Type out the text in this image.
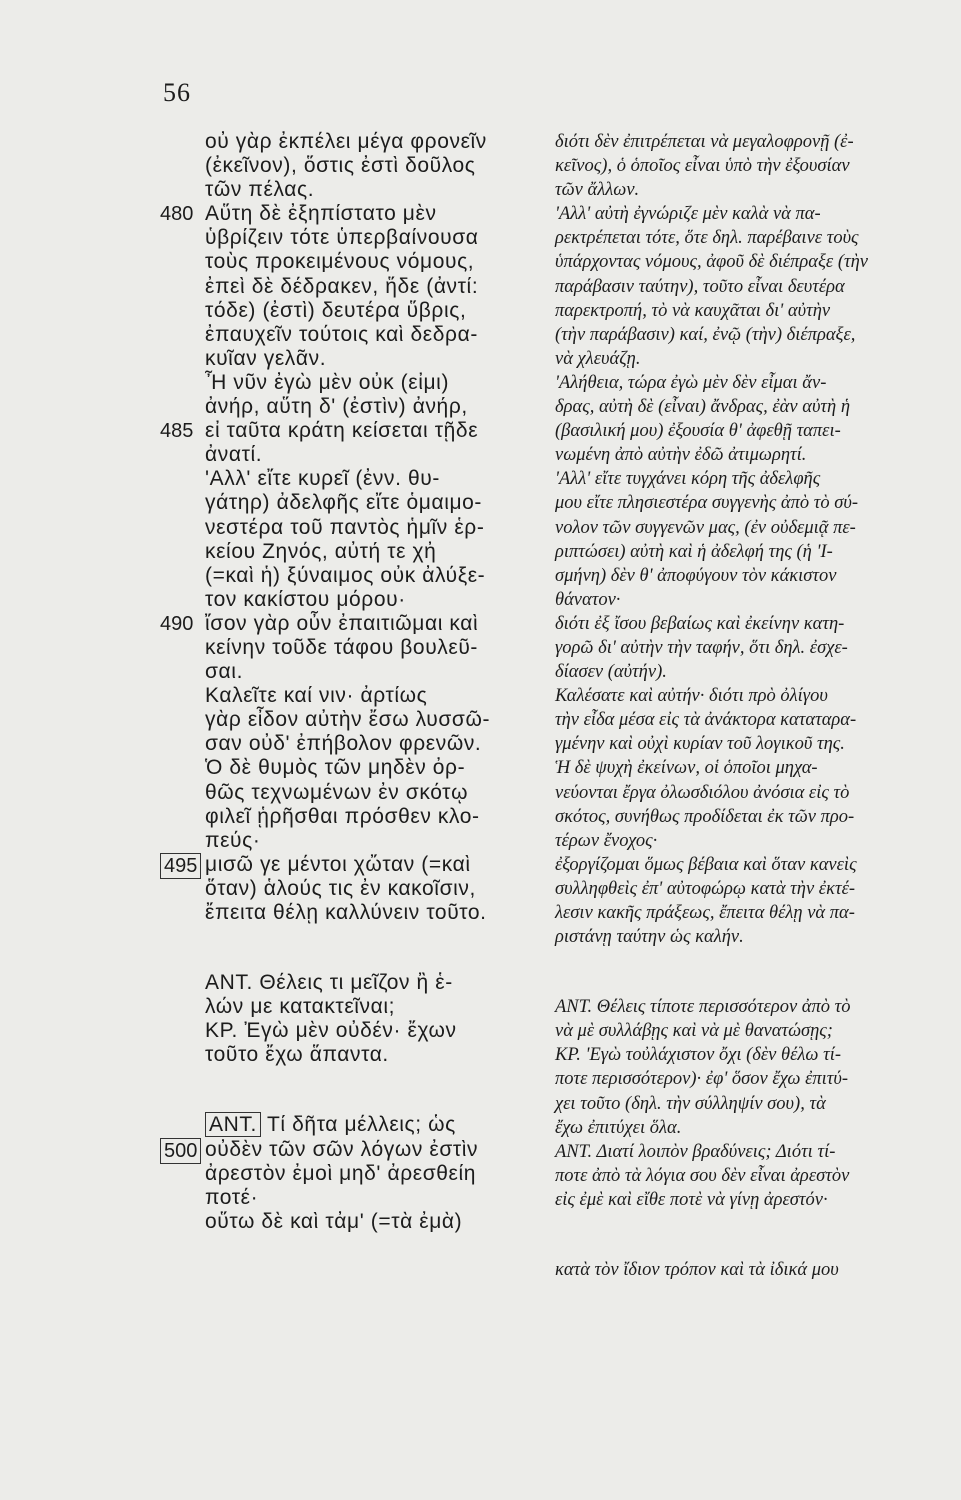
56
οὐ γὰρ ἐκπέλει μέγα φρονεῖν
(ἐκεῖνον), ὅστις ἐστὶ δοῦλος
τῶν πέλας.
480 Αὕτη δὲ ἐξηπίστατο μὲν
ὑβρίζειν τότε ὑπερβαίνουσα
τοὺς προκειμένους νόμους,
ἐπεὶ δὲ δέδρακεν, ἥδε (ἀντί:
τόδε) (ἐστὶ) δευτέρα ὕβρις,
ἐπαυχεῖν τούτοις καὶ δεδρα-
κυῖαν γελᾶν.
Ἦ νῦν ἐγὼ μὲν οὐκ (εἰμι)
ἀνήρ, αὕτη δ' (ἐστὶν) ἀνήρ,
485 εἰ ταῦτα κράτη κείσεται τῇδε
ἀνατί.
'Αλλ' εἴτε κυρεῖ (ἐνν. θυ-
γάτηρ) ἀδελφῆς εἴτε ὁμαιμο-
νεστέρα τοῦ παντὸς ἡμῖν ἑρ-
κείου Ζηνός, αὐτή τε χἠ
(=καὶ ἡ) ξύναιμος οὐκ ἀλύξε-
τον κακίστου μόρου·
490 ἴσον γὰρ οὖν ἐπαιτιῶμαι καὶ
κείνην τοῦδε τάφου βουλεῦ-
σαι.
Καλεῖτε καί νιν· ἀρτίως
γὰρ εἶδον αὐτὴν ἔσω λυσσῶ-
σαν οὐδ' ἐπήβολον φρενῶν.
Ὁ δὲ θυμὸς τῶν μηδὲν ὀρ-
θῶς τεχνωμένων ἐν σκότῳ
φιλεῖ ᾑρῆσθαι πρόσθεν κλο-
πεύς·
495 μισῶ γε μέντοι χὤταν (=καὶ
ὅταν) ἁλούς τις ἐν κακοῖσιν,
ἔπειτα θέλῃ καλλύνειν τοῦτο.
ΑΝΤ. Θέλεις τι μεῖζον ἢ ἑ-
λών με κατακτεῖναι;
ΚΡ. Ἐγὼ μὲν οὐδέν· ἔχων
τοῦτο ἔχω ἅπαντα.
ΑΝΤ. Τί δῆτα μέλλεις; ὡς
500 οὐδὲν τῶν σῶν λόγων ἐστὶν
ἀρεστὸν ἐμοὶ μηδ' ἀρεσθείη
ποτέ·
οὕτω δὲ καὶ τἀμ' (=τὰ ἐμὰ)
διότι δὲν ἐπιτρέπεται νὰ μεγαλοφρονῇ (ἐ-
κεῖνος), ὁ ὁποῖος εἶναι ὑπὸ τὴν ἐξουσίαν
τῶν ἄλλων.
'Αλλ' αὐτὴ ἐγνώριζε μὲν καλὰ νὰ πα-
ρεκτρέπεται τότε, ὅτε δηλ. παρέβαινε τοὺς
ὑπάρχοντας νόμους, ἀφοῦ δὲ διέπραξε (τὴν
παράβασιν ταύτην), τοῦτο εἶναι δευτέρα
παρεκτροπή, τὸ νὰ καυχᾶται δι' αὐτὴν
(τὴν παράβασιν) καί, ἐνῷ (τὴν) διέπραξε,
νὰ χλευάζῃ.
'Αλήθεια, τώρα ἐγὼ μὲν δὲν εἶμαι ἄν-
δρας, αὐτὴ δὲ (εἶναι) ἄνδρας, ἐὰν αὐτὴ ἡ
(βασιλική μου) ἐξουσία θ' ἀφεθῇ ταπει-
νωμένη ἀπὸ αὐτὴν ἐδῶ ἀτιμωρητί.
'Αλλ' εἴτε τυγχάνει κόρη τῆς ἀδελφῆς
μου εἴτε πλησιεστέρα συγγενὴς ἀπὸ τὸ σύ-
νολον τῶν συγγενῶν μας, (ἐν οὐδεμιᾷ πε-
ριπτώσει) αὐτὴ καὶ ἡ ἀδελφή της (ἡ 'Ι-
σμήνη) δὲν θ' ἀποφύγουν τὸν κάκιστον
θάνατον·
διότι ἐξ ἴσου βεβαίως καὶ ἐκείνην κατη-
γορῶ δι' αὐτὴν τὴν ταφήν, ὅτι δηλ. ἐσχε-
δίασεν (αὐτήν).
Καλέσατε καὶ αὐτήν· διότι πρὸ ὀλίγου
τὴν εἶδα μέσα εἰς τὰ ἀνάκτορα καταταρα-
γμένην καὶ οὐχὶ κυρίαν τοῦ λογικοῦ της.
Ἡ δὲ ψυχὴ ἐκείνων, οἱ ὁποῖοι μηχα-
νεύονται ἔργα ὀλωσδιόλου ἀνόσια εἰς τὸ
σκότος, συνήθως προδίδεται ἐκ τῶν προ-
τέρων ἔνοχος·
ἐξοργίζομαι ὅμως βέβαια καὶ ὅταν κανεὶς
συλληφθεὶς ἐπ' αὐτοφώρῳ κατὰ τὴν ἐκτέ-
λεσιν κακῆς πράξεως, ἔπειτα θέλῃ νὰ πα-
ριστάνῃ ταύτην ὡς καλήν.
ΑΝΤ. Θέλεις τίποτε περισσότερον ἀπὸ τὸ
νὰ μὲ συλλάβῃς καὶ νὰ μὲ θανατώσῃς;
ΚΡ. 'Εγὼ τοὐλάχιστον ὄχι (δὲν θέλω τί-
ποτε περισσότερον)· ἐφ' ὅσον ἔχω ἐπιτύ-
χει τοῦτο (δηλ. τὴν σύλληψίν σου), τὰ
ἔχω ἐπιτύχει ὅλα.
ΑΝΤ. Διατί λοιπὸν βραδύνεις; Διότι τί-
ποτε ἀπὸ τὰ λόγια σου δὲν εἶναι ἀρεστὸν
εἰς ἐμὲ καὶ εἴθε ποτὲ νὰ γίνῃ ἀρεστόν·
κατὰ τὸν ἴδιον τρόπον καὶ τὰ ἰδικά μου
